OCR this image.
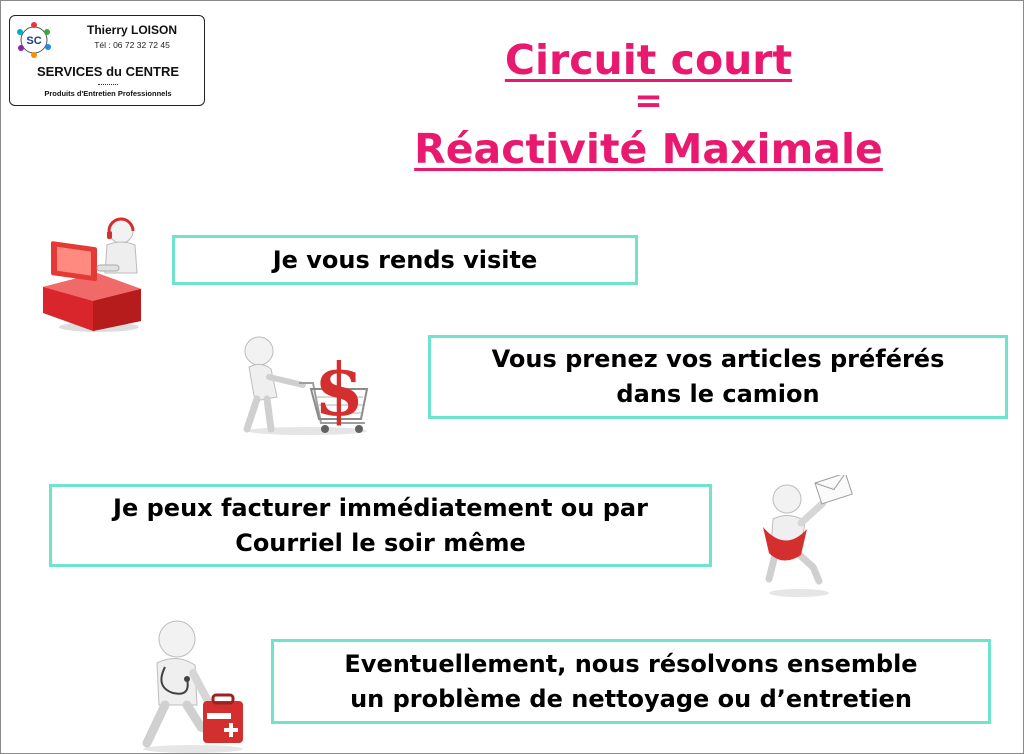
SC
Thierry LOISON
Tél : 06 72 32 72 45
SERVICES du CENTRE
Produits d'Entretien Professionnels
Circuit court
=
Réactivité Maximale
$
Je vous rends visite
Vous prenez vos articles préférés
dans le camion
Je peux facturer immédiatement ou par
Courriel le soir même
Eventuellement, nous résolvons ensemble
un problème de nettoyage ou d’entretien
